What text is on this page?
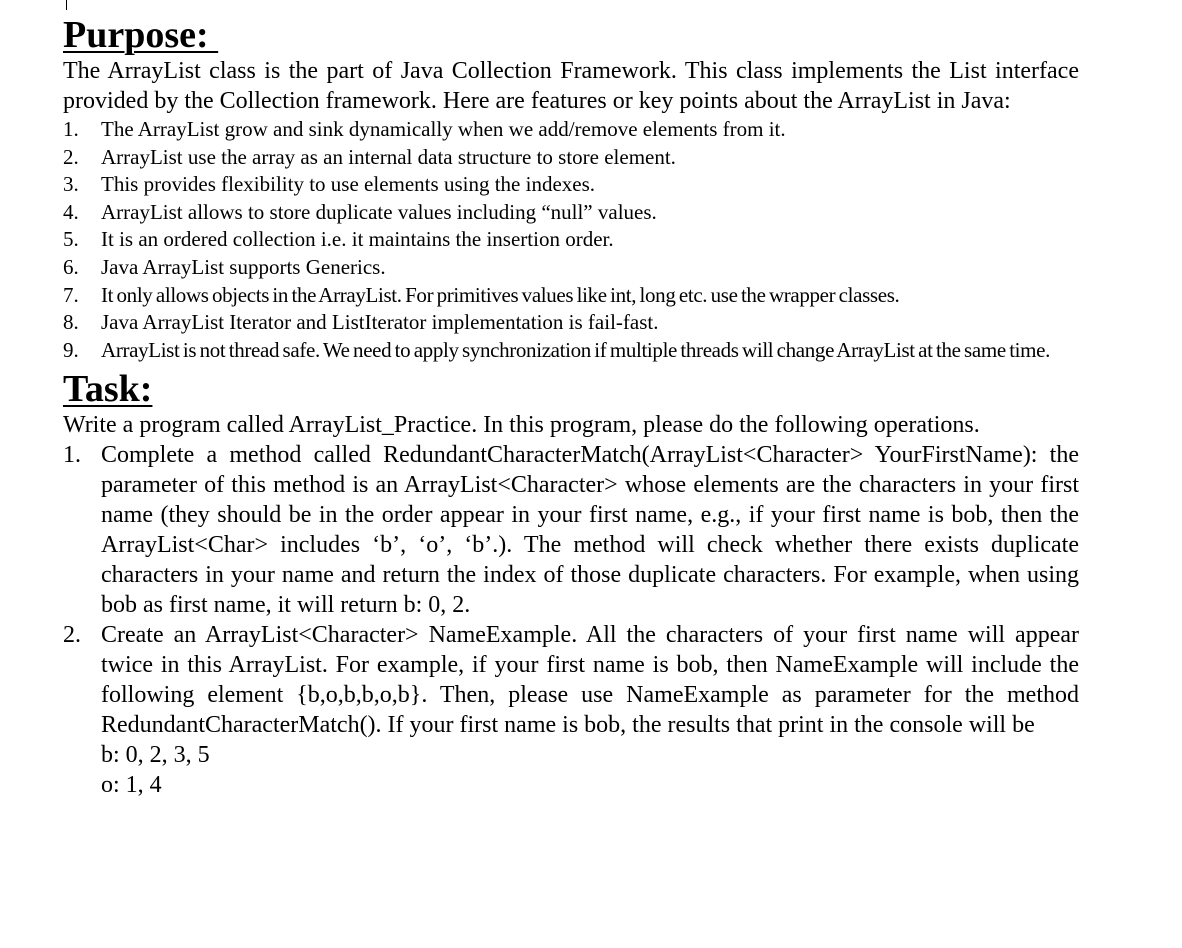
Purpose:

The ArrayList class is the part of Java Collection Framework. This class implements the List interface provided by the Collection framework. Here are features or key points about the ArrayList in Java:

1. The ArrayList grow and sink dynamically when we add/remove elements from it.
2. ArrayList use the array as an internal data structure to store element.
3. This provides flexibility to use elements using the indexes.
4. ArrayList allows to store duplicate values including “null” values.
5. It is an ordered collection i.e. it maintains the insertion order.
6. Java ArrayList supports Generics.
7. It only allows objects in the ArrayList. For primitives values like int, long etc. use the wrapper classes.
8. Java ArrayList Iterator and ListIterator implementation is fail-fast.
9. ArrayList is not thread safe. We need to apply synchronization if multiple threads will change ArrayList at the same time.
Task:

Write a program called ArrayList_Practice. In this program, please do the following operations.

1. Complete a method called RedundantCharacterMatch(ArrayList<Character> YourFirstName): the parameter of this method is an ArrayList<Character> whose elements are the characters in your first name (they should be in the order appear in your first name, e.g., if your first name is bob, then the ArrayList<Char> includes ‘b’, ‘o’, ‘b’.). The method will check whether there exists duplicate characters in your name and return the index of those duplicate characters. For example, when using bob as first name, it will return b: 0, 2.
2. Create an ArrayList<Character> NameExample. All the characters of your first name will appear twice in this ArrayList. For example, if your first name is bob, then NameExample will include the following element {b,o,b,b,o,b}. Then, please use NameExample as parameter for the method RedundantCharacterMatch(). If your first name is bob, the results that print in the console will be
b: 0, 2, 3, 5
o: 1, 4
